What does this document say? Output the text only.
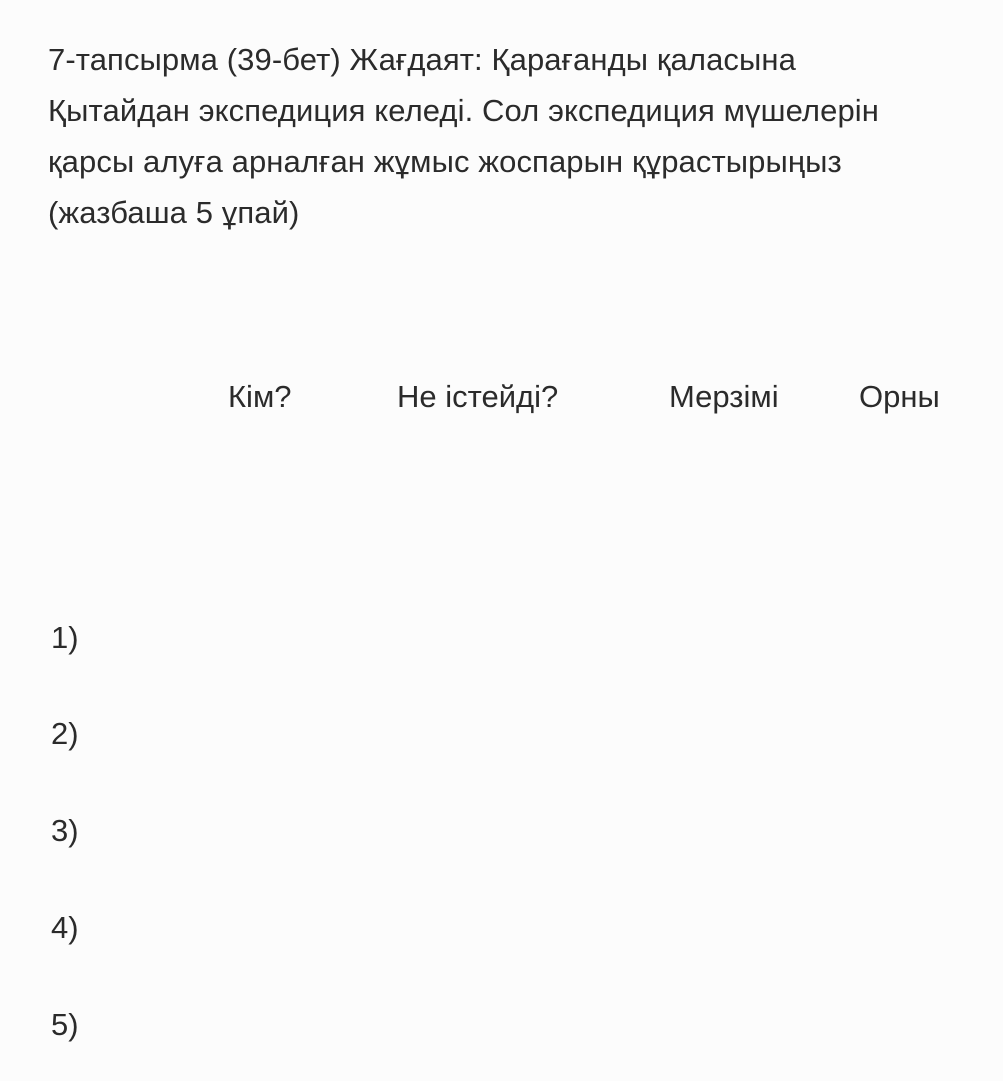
7-тапсырма (39-бет) Жағдаят: Қарағанды қаласына
Қытайдан экспедиция келеді. Сол экспедиция мүшелерін
қарсы алуға арналған жұмыс жоспарын құрастырыңыз
(жазбаша 5 ұпай)
Кім?	Не істейді?	Мерзімі	Орны
1)
2)
3)
4)
5)
